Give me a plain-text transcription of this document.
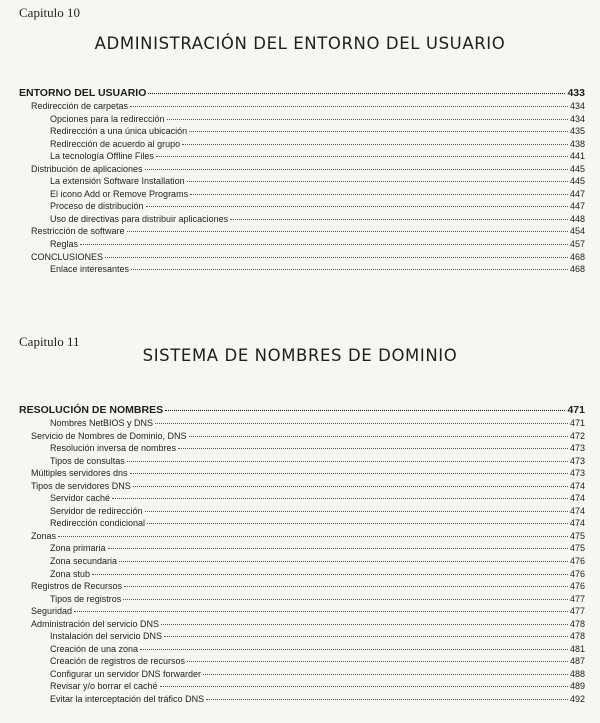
Capitulo 10
ADMINISTRACIÓN DEL ENTORNO DEL USUARIO
ENTORNO DEL USUARIO	433
Redirección de carpetas	434
Opciones para la redirección	434
Redirección a una única ubicación	435
Redirección de acuerdo al grupo	438
La tecnología Offline Files	441
Distribución de aplicaciones	445
La extensión Software Installation	445
El icono Add or Remove Programs	447
Proceso de distribución	447
Uso de directivas para distribuir aplicaciones	448
Restricción de software	454
Reglas	457
CONCLUSIONES	468
Enlace interesantes	468
Capitulo 11
SISTEMA DE NOMBRES DE DOMINIO
RESOLUCIÓN DE NOMBRES	471
Nombres NetBIOS y DNS	471
Servicio de Nombres de Dominio, DNS	472
Resolución inversa de nombres	473
Tipos de consultas	473
Múltiples servidores dns	473
Tipos de servidores DNS	474
Servidor caché	474
Servidor de redirección	474
Redirección condicional	474
Zonas	475
Zona primaria	475
Zona secundaria	476
Zona stub	476
Registros de Recursos	476
Tipos de registros	477
Seguridad	477
Administración del servicio DNS	478
Instalación del servicio DNS	478
Creación de una zona	481
Creación de registros de recursos	487
Configurar un servidor DNS forwarder	488
Revisar y/o borrar el caché	489
Evitar la interceptación del tráfico DNS	492
